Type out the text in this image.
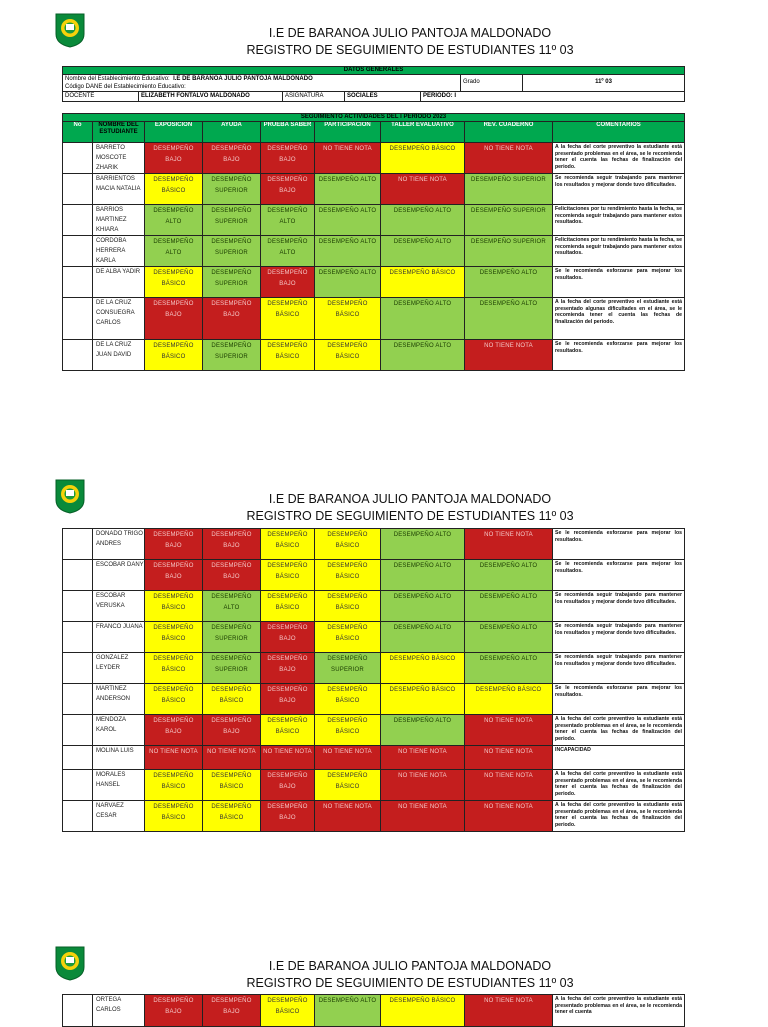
I.E DE BARANOA JULIO PANTOJA MALDONADO
REGISTRO DE SEGUIMIENTO DE ESTUDIANTES 11º 03
DATOS GENERALES
Nombre del Establecimiento Educativo: I.E DE BARANOA JULIO PANTOJA MALDONADO
Código DANE del Establecimiento Educativo:	Grado	11º 03
DOCENTE	ELIZABETH FONTALVO MALDONADO	ASIGNATURA	SOCIALES	PERIODO: I
SEGUIMIENTO ACTIVIDADES DEL I PERIODO 2023								
No	NOMBRE DEL ESTUDIANTE	EXPOSICIÓN	AYUDA	PRUEBA SABER	PARTICIPACIÓN	TALLER EVALUATIVO	REV. CUADERNO	COMENTARIOS
	BARRETO MOSCOTE ZHARIK	DESEMPEÑO BAJO	DESEMPEÑO BAJO	DESEMPEÑO BAJO	NO TIENE NOTA	DESEMPEÑO BÁSICO	NO TIENE NOTA	A la fecha del corte preventivo la estudiante está presentado problemas en el área, se le recomienda tener el cuenta las fechas de finalización del periodo.
	BARRIENTOS MACIA NATALIA	DESEMPEÑO BÁSICO	DESEMPEÑO SUPERIOR	DESEMPEÑO BAJO	DESEMPEÑO ALTO	NO TIENE NOTA	DESEMPEÑO SUPERIOR	Se recomienda seguir trabajando para mantener los resultados y mejorar donde tuvo dificultades.
	BARRIOS MARTINEZ KHIARA	DESEMPEÑO ALTO	DESEMPEÑO SUPERIOR	DESEMPEÑO ALTO	DESEMPEÑO ALTO	DESEMPEÑO ALTO	DESEMPEÑO SUPERIOR	Felicitaciones por tu rendimiento hasta la fecha, se recomienda seguir trabajando para mantener estos resultados.
	CORDOBA HERRERA KARLA	DESEMPEÑO ALTO	DESEMPEÑO SUPERIOR	DESEMPEÑO ALTO	DESEMPEÑO ALTO	DESEMPEÑO ALTO	DESEMPEÑO SUPERIOR	Felicitaciones por tu rendimiento hasta la fecha, se recomienda seguir trabajando para mantener estos resultados.
	DE ALBA YADIR	DESEMPEÑO BÁSICO	DESEMPEÑO SUPERIOR	DESEMPEÑO BAJO	DESEMPEÑO ALTO	DESEMPEÑO BÁSICO	DESEMPEÑO ALTO	Se le recomienda esforzarse para mejorar los resultados.
	DE LA CRUZ CONSUEGRA CARLOS	DESEMPEÑO BAJO	DESEMPEÑO BAJO	DESEMPEÑO BÁSICO	DESEMPEÑO BÁSICO	DESEMPEÑO ALTO	DESEMPEÑO ALTO	A la fecha del corte preventivo el estudiante está presentado algunas dificultades en el área, se le recomienda tener el cuenta las fechas de finalización del periodo.
	DE LA CRUZ JUAN DAVID	DESEMPEÑO BÁSICO	DESEMPEÑO SUPERIOR	DESEMPEÑO BÁSICO	DESEMPEÑO BÁSICO	DESEMPEÑO ALTO	NO TIENE NOTA	Se le recomienda esforzarse para mejorar los resultados.
I.E DE BARANOA JULIO PANTOJA MALDONADO
REGISTRO DE SEGUIMIENTO DE ESTUDIANTES 11º 03
	DONADO TRIGO ANDRES	DESEMPEÑO BAJO	DESEMPEÑO BAJO	DESEMPEÑO BÁSICO	DESEMPEÑO BÁSICO	DESEMPEÑO ALTO	NO TIENE NOTA	Se le recomienda esforzarse para mejorar los resultados.
	ESCOBAR DANY	DESEMPEÑO BAJO	DESEMPEÑO BAJO	DESEMPEÑO BÁSICO	DESEMPEÑO BÁSICO	DESEMPEÑO ALTO	DESEMPEÑO ALTO	Se le recomienda esforzarse para mejorar los resultados.
	ESCOBAR VERUSKA	DESEMPEÑO BÁSICO	DESEMPEÑO ALTO	DESEMPEÑO BÁSICO	DESEMPEÑO BÁSICO	DESEMPEÑO ALTO	DESEMPEÑO ALTO	Se recomienda seguir trabajando para mantener los resultados y mejorar donde tuvo dificultades.
	FRANCO JUANA	DESEMPEÑO BÁSICO	DESEMPEÑO SUPERIOR	DESEMPEÑO BAJO	DESEMPEÑO BÁSICO	DESEMPEÑO ALTO	DESEMPEÑO ALTO	Se recomienda seguir trabajando para mantener los resultados y mejorar donde tuvo dificultades.
	GONZALEZ LEYDER	DESEMPEÑO BÁSICO	DESEMPEÑO SUPERIOR	DESEMPEÑO BAJO	DESEMPEÑO SUPERIOR	DESEMPEÑO BÁSICO	DESEMPEÑO ALTO	Se recomienda seguir trabajando para mantener los resultados y mejorar donde tuvo dificultades.
	MARTINEZ ANDERSON	DESEMPEÑO BÁSICO	DESEMPEÑO BÁSICO	DESEMPEÑO BAJO	DESEMPEÑO BÁSICO	DESEMPEÑO BÁSICO	DESEMPEÑO BÁSICO	Se le recomienda esforzarse para mejorar los resultados.
	MENDOZA KAROL	DESEMPEÑO BAJO	DESEMPEÑO BAJO	DESEMPEÑO BÁSICO	DESEMPEÑO BÁSICO	DESEMPEÑO ALTO	NO TIENE NOTA	A la fecha del corte preventivo la estudiante está presentado problemas en el área, se le recomienda tener el cuenta las fechas de finalización del periodo.
	MOLINA LUIS	NO TIENE NOTA	NO TIENE NOTA	NO TIENE NOTA	NO TIENE NOTA	NO TIENE NOTA	NO TIENE NOTA	INCAPACIDAD
	MORALES HANSEL	DESEMPEÑO BÁSICO	DESEMPEÑO BÁSICO	DESEMPEÑO BAJO	DESEMPEÑO BÁSICO	NO TIENE NOTA	NO TIENE NOTA	A la fecha del corte preventivo la estudiante está presentado problemas en el área, se le recomienda tener el cuenta las fechas de finalización del periodo.
	NARVAEZ CESAR	DESEMPEÑO BÁSICO	DESEMPEÑO BÁSICO	DESEMPEÑO BAJO	NO TIENE NOTA	NO TIENE NOTA	NO TIENE NOTA	A la fecha del corte preventivo la estudiante está presentado problemas en el área, se le recomienda tener el cuenta las fechas de finalización del periodo.
I.E DE BARANOA JULIO PANTOJA MALDONADO
REGISTRO DE SEGUIMIENTO DE ESTUDIANTES 11º 03
	ORTEGA CARLOS	DESEMPEÑO BAJO	DESEMPEÑO BAJO	DESEMPEÑO BÁSICO	DESEMPEÑO ALTO	DESEMPEÑO BÁSICO	NO TIENE NOTA	A la fecha del corte preventivo la estudiante está presentado problemas en el área, se le recomienda tener el cuenta
